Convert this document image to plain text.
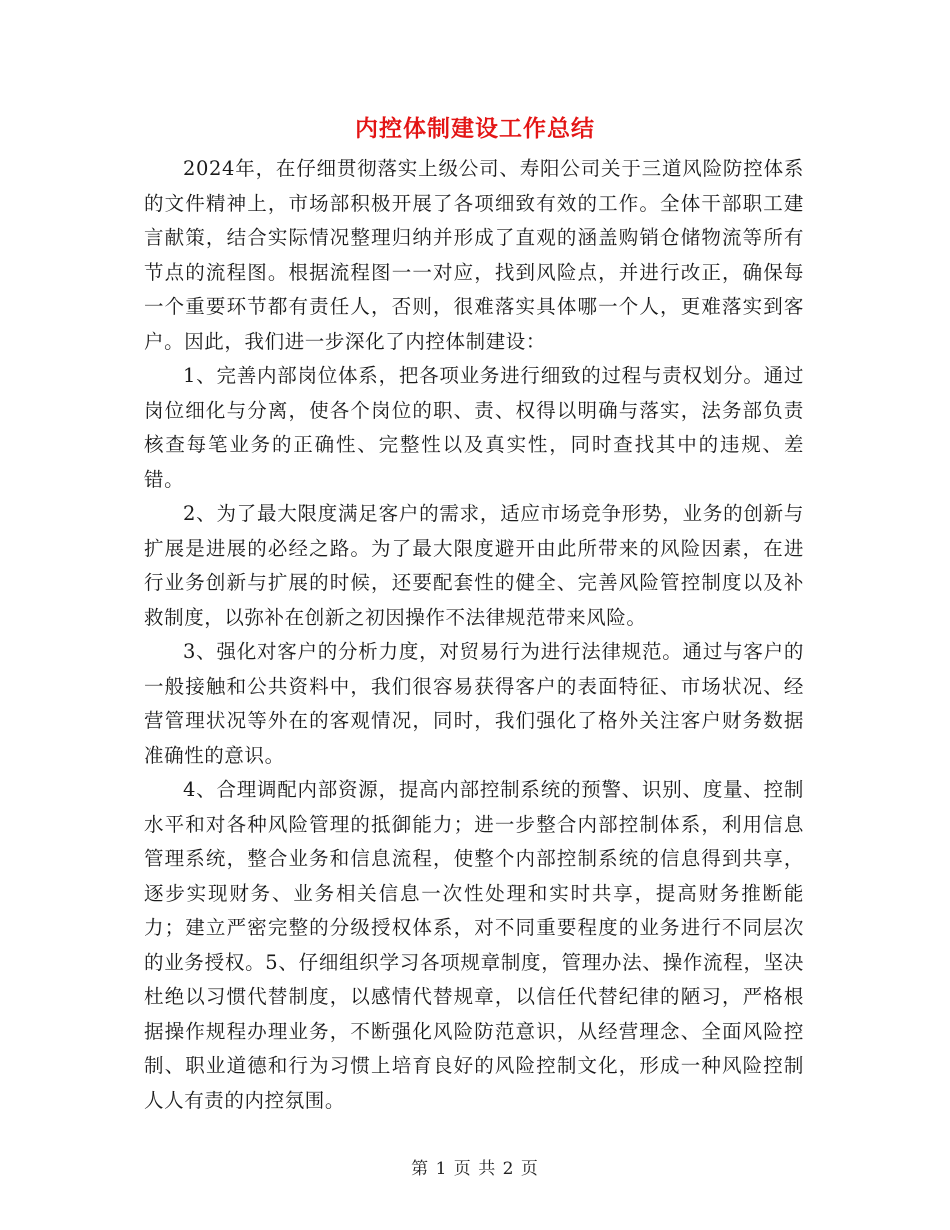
内控体制建设工作总结

2024年，在仔细贯彻落实上级公司、寿阳公司关于三道风险防控体系的文件精神上，市场部积极开展了各项细致有效的工作。全体干部职工建言献策，结合实际情况整理归纳并形成了直观的涵盖购销仓储物流等所有节点的流程图。根据流程图一一对应，找到风险点，并进行改正，确保每一个重要环节都有责任人，否则，很难落实具体哪一个人，更难落实到客户。因此，我们进一步深化了内控体制建设：

1、完善内部岗位体系，把各项业务进行细致的过程与责权划分。通过岗位细化与分离，使各个岗位的职、责、权得以明确与落实，法务部负责核查每笔业务的正确性、完整性以及真实性，同时查找其中的违规、差错。

2、为了最大限度满足客户的需求，适应市场竞争形势，业务的创新与扩展是进展的必经之路。为了最大限度避开由此所带来的风险因素，在进行业务创新与扩展的时候，还要配套性的健全、完善风险管控制度以及补救制度，以弥补在创新之初因操作不法律规范带来风险。

3、强化对客户的分析力度，对贸易行为进行法律规范。通过与客户的一般接触和公共资料中，我们很容易获得客户的表面特征、市场状况、经营管理状况等外在的客观情况，同时，我们强化了格外关注客户财务数据准确性的意识。

4、合理调配内部资源，提高内部控制系统的预警、识别、度量、控制水平和对各种风险管理的抵御能力；进一步整合内部控制体系，利用信息管理系统，整合业务和信息流程，使整个内部控制系统的信息得到共享，逐步实现财务、业务相关信息一次性处理和实时共享，提高财务推断能力；建立严密完整的分级授权体系，对不同重要程度的业务进行不同层次的业务授权。5、仔细组织学习各项规章制度，管理办法、操作流程，坚决杜绝以习惯代替制度，以感情代替规章，以信任代替纪律的陋习，严格根据操作规程办理业务，不断强化风险防范意识，从经营理念、全面风险控制、职业道德和行为习惯上培育良好的风险控制文化，形成一种风险控制人人有责的内控氛围。

第 1 页 共 2 页
